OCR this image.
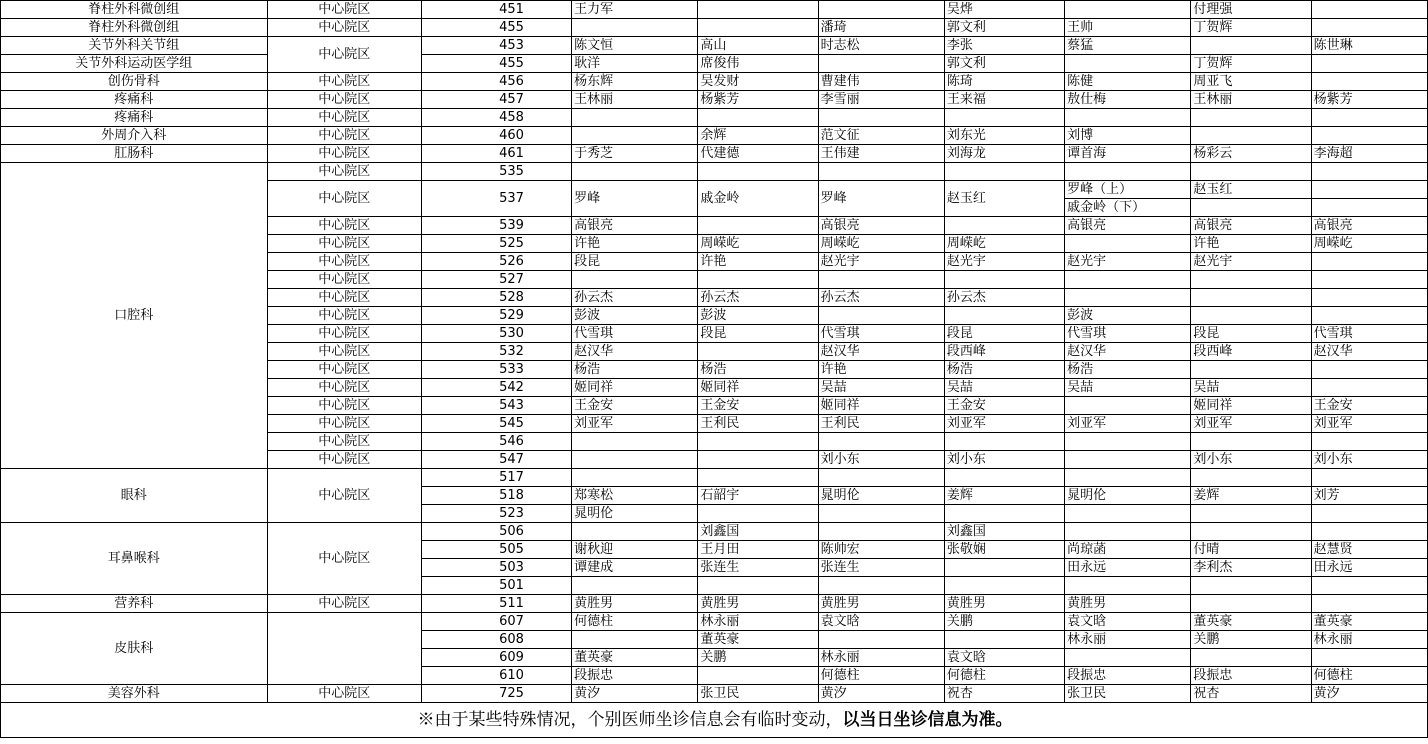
脊柱外科微创组	中心院区	451	王力军			吴烨		付理强	
脊柱外科微创组	中心院区	455			潘琦	郭文利	王帅	丁贺辉	
关节外科关节组	中心院区	453	陈文恒	高山	时志松	李张	蔡猛		陈世琳
关节外科运动医学组		455	耿洋	席俊伟		郭文利		丁贺辉	
创伤骨科	中心院区	456	杨东辉	吴发财	曹建伟	陈琦	陈健	周亚飞	
疼痛科	中心院区	457	王林丽	杨紫芳	李雪丽	王来福	敖仕梅	王林丽	杨紫芳
疼痛科	中心院区	458							
外周介入科	中心院区	460		余辉	范文征	刘东光	刘博		
肛肠科	中心院区	461	于秀芝	代建德	王伟建	刘海龙	谭首海	杨彩云	李海超
口腔科	中心院区	535							
	中心院区	537	罗峰	戚金岭	罗峰	赵玉红	罗峰（上）	赵玉红	
							戚金岭（下）		
	中心院区	539	高银亮		高银亮		高银亮	高银亮	高银亮
	中心院区	525	许艳	周嵘屹	周嵘屹	周嵘屹		许艳	周嵘屹
	中心院区	526	段昆	许艳	赵光宇	赵光宇	赵光宇	赵光宇	
	中心院区	527							
	中心院区	528	孙云杰	孙云杰	孙云杰	孙云杰			
	中心院区	529	彭波	彭波			彭波		
	中心院区	530	代雪琪	段昆	代雪琪	段昆	代雪琪	段昆	代雪琪
	中心院区	532	赵汉华		赵汉华	段西峰	赵汉华	段西峰	赵汉华
	中心院区	533	杨浩	杨浩	许艳	杨浩	杨浩		
	中心院区	542	姬同祥	姬同祥	吴喆	吴喆	吴喆	吴喆	
	中心院区	543	王金安	王金安	姬同祥	王金安		姬同祥	王金安
	中心院区	545	刘亚军	王利民	王利民	刘亚军	刘亚军	刘亚军	刘亚军
	中心院区	546							
	中心院区	547			刘小东	刘小东		刘小东	刘小东
眼科	中心院区	517							
		518	郑寒松	石韶宇	晁明伦	姜辉	晁明伦	姜辉	刘芳
		523	晁明伦						
耳鼻喉科	中心院区	506		刘鑫国		刘鑫国			
		505	谢秋迎	王月田	陈帅宏	张敬娴	尚琼菡	付晴	赵慧贤
		503	谭建成	张连生	张连生		田永远	李利杰	田永远
		501							
营养科	中心院区	511	黄胜男	黄胜男	黄胜男	黄胜男	黄胜男		
皮肤科		607	何德柱	林永丽	袁文晗	关鹏	袁文晗	董英豪	董英豪
		608		董英豪			林永丽	关鹏	林永丽
		609	董英豪	关鹏	林永丽	袁文晗			
		610	段振忠		何德柱	何德柱	段振忠	段振忠	何德柱
美容外科	中心院区	725	黄汐	张卫民	黄汐	祝杏	张卫民	祝杏	黄汐
※由于某些特殊情况，个别医师坐诊信息会有临时变动，以当日坐诊信息为准。									
